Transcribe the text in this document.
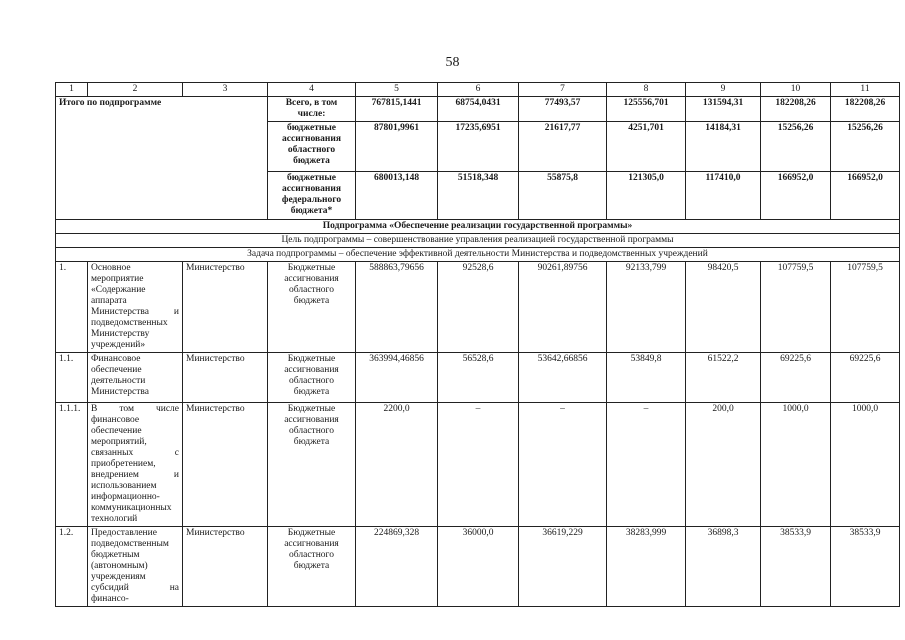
58
1	2	3	4	5	6	7	8	9	10	11
Итого по подпрограмме			Всего, в том числе:	767815,1441	68754,0431	77493,57	125556,701	131594,31	182208,26	182208,26
			бюджетные ассигнования областного бюджета	87801,9961	17235,6951	21617,77	4251,701	14184,31	15256,26	15256,26
			бюджетные ассигнования федерального бюджета*	680013,148	51518,348	55875,8	121305,0	117410,0	166952,0	166952,0
Подпрограмма «Обеспечение реализации государственной программы»										
Цель подпрограммы – совершенствование управления реализацией государственной программы										
Задача подпрограммы – обеспечение эффективной деятельности Министерства и подведомственных учреждений										
1.	Основное мероприятие «Содержание аппарата Министерства и подведомственных Министерству учреждений»	Министерство	Бюджетные ассигнования областного бюджета	588863,79656	92528,6	90261,89756	92133,799	98420,5	107759,5	107759,5
1.1.	Финансовое обеспечение деятельности Министерства	Министерство	Бюджетные ассигнования областного бюджета	363994,46856	56528,6	53642,66856	53849,8	61522,2	69225,6	69225,6
1.1.1.	В том числе финансовое обеспечение мероприятий, связанных с приобретением, внедрением и использованием информационно-коммуникационных технологий	Министерство	Бюджетные ассигнования областного бюджета	2200,0	–	–	–	200,0	1000,0	1000,0
1.2.	Предоставление подведомственным бюджетным (автономным) учреждениям субсидий на финансо-	Министерство	Бюджетные ассигнования областного бюджета	224869,328	36000,0	36619,229	38283,999	36898,3	38533,9	38533,9
